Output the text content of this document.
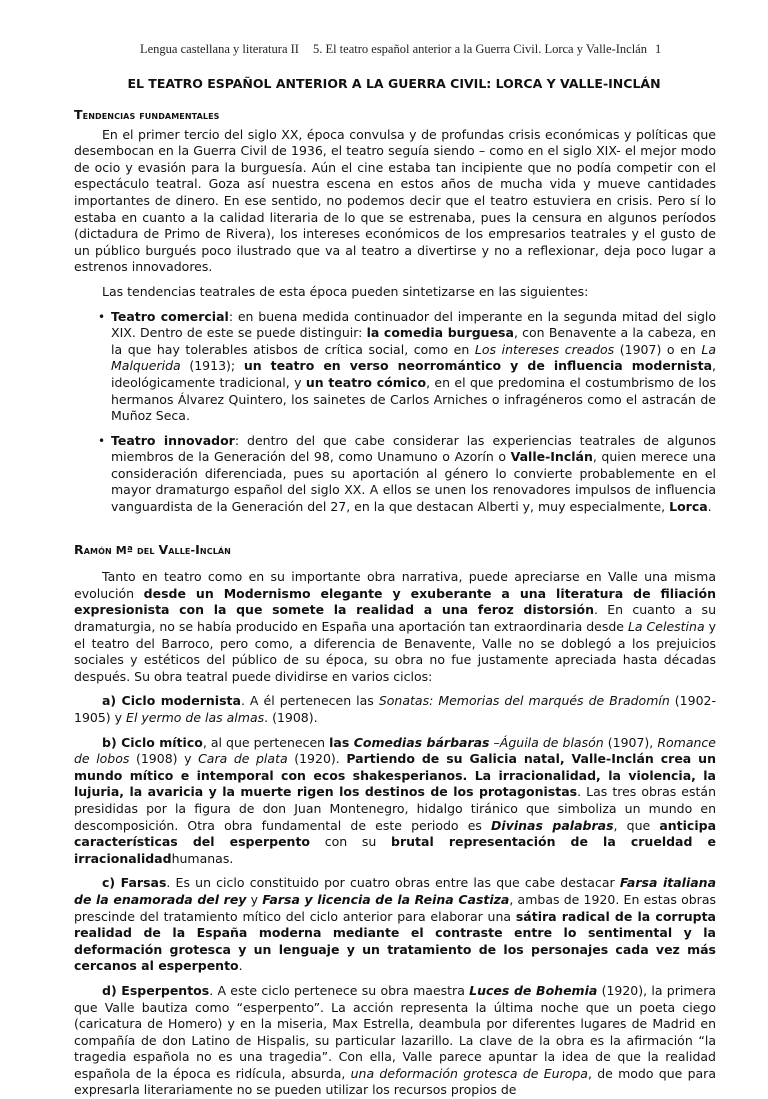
Lengua castellana y literatura II 5. El teatro español anterior a la Guerra Civil. Lorca y Valle-Inclán 1
EL TEATRO ESPAÑOL ANTERIOR A LA GUERRA CIVIL: LORCA Y VALLE-INCLÁN
Tendencias fundamentales

En el primer tercio del siglo XX, época convulsa y de profundas crisis económicas y políticas que desembocan en la Guerra Civil de 1936, el teatro seguía siendo – como en el siglo XIX- el mejor modo de ocio y evasión para la burguesía. Aún el cine estaba tan incipiente que no podía competir con el espectáculo teatral. Goza así nuestra escena en estos años de mucha vida y mueve cantidades importantes de dinero. En ese sentido, no podemos decir que el teatro estuviera en crisis. Pero sí lo estaba en cuanto a la calidad literaria de lo que se estrenaba, pues la censura en algunos períodos (dictadura de Primo de Rivera), los intereses económicos de los empresarios teatrales y el gusto de un público burgués poco ilustrado que va al teatro a divertirse y no a reflexionar, deja poco lugar a estrenos innovadores.

Las tendencias teatrales de esta época pueden sintetizarse en las siguientes:

• Teatro comercial: en buena medida continuador del imperante en la segunda mitad del siglo XIX. Dentro de este se puede distinguir: la comedia burguesa, con Benavente a la cabeza, en la que hay tolerables atisbos de crítica social, como en Los intereses creados (1907) o en La Malquerida (1913); un teatro en verso neorromántico y de influencia modernista, ideológicamente tradicional, y un teatro cómico, en el que predomina el costumbrismo de los hermanos Álvarez Quintero, los sainetes de Carlos Arniches o infragéneros como el astracán de Muñoz Seca.
• Teatro innovador: dentro del que cabe considerar las experiencias teatrales de algunos miembros de la Generación del 98, como Unamuno o Azorín o Valle-Inclán, quien merece una consideración diferenciada, pues su aportación al género lo convierte probablemente en el mayor dramaturgo español del siglo XX. A ellos se unen los renovadores impulsos de influencia vanguardista de la Generación del 27, en la que destacan Alberti y, muy especialmente, Lorca.
Ramón Mª del Valle-Inclán

Tanto en teatro como en su importante obra narrativa, puede apreciarse en Valle una misma evolución desde un Modernismo elegante y exuberante a una literatura de filiación expresionista con la que somete la realidad a una feroz distorsión. En cuanto a su dramaturgia, no se había producido en España una aportación tan extraordinaria desde La Celestina y el teatro del Barroco, pero como, a diferencia de Benavente, Valle no se doblegó a los prejuicios sociales y estéticos del público de su época, su obra no fue justamente apreciada hasta décadas después. Su obra teatral puede dividirse en varios ciclos:

a) Ciclo modernista. A él pertenecen las Sonatas: Memorias del marqués de Bradomín (1902- 1905) y El yermo de las almas. (1908).

b) Ciclo mítico, al que pertenecen las Comedias bárbaras –Águila de blasón (1907), Romance de lobos (1908) y Cara de plata (1920). Partiendo de su Galicia natal, Valle-Inclán crea un mundo mítico e intemporal con ecos shakesperianos. La irracionalidad, la violencia, la lujuria, la avaricia y la muerte rigen los destinos de los protagonistas. Las tres obras están presididas por la figura de don Juan Montenegro, hidalgo tiránico que simboliza un mundo en descomposición. Otra obra fundamental de este periodo es Divinas palabras, que anticipa características del esperpento con su brutal representación de la crueldad e irracionalidadhumanas.

c) Farsas. Es un ciclo constituido por cuatro obras entre las que cabe destacar Farsa italiana de la enamorada del rey y Farsa y licencia de la Reina Castiza, ambas de 1920. En estas obras prescinde del tratamiento mítico del ciclo anterior para elaborar una sátira radical de la corrupta realidad de la España moderna mediante el contraste entre lo sentimental y la deformación grotesca y un lenguaje y un tratamiento de los personajes cada vez más cercanos al esperpento.

d) Esperpentos. A este ciclo pertenece su obra maestra Luces de Bohemia (1920), la primera que Valle bautiza como “esperpento”. La acción representa la última noche que un poeta ciego (caricatura de Homero) y en la miseria, Max Estrella, deambula por diferentes lugares de Madrid en compañía de don Latino de Hispalis, su particular lazarillo. La clave de la obra es la afirmación “la tragedia española no es una tragedia”. Con ella, Valle parece apuntar la idea de que la realidad española de la época es ridícula, absurda, una deformación grotesca de Europa, de modo que para expresarla literariamente no se pueden utilizar los recursos propios de
